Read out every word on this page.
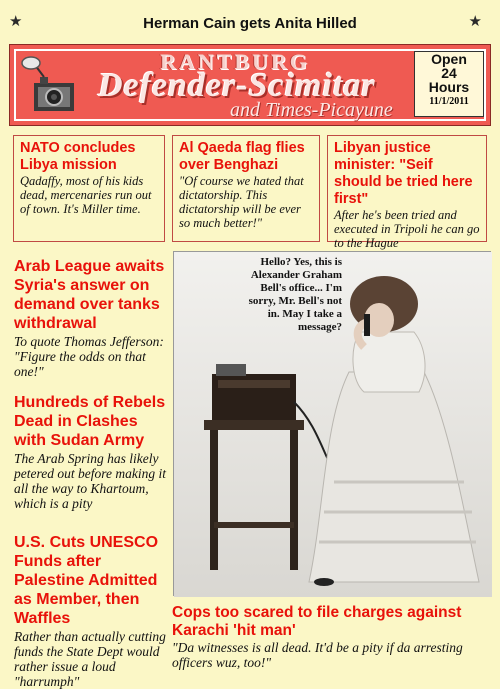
★	Herman Cain gets Anita Hilled	★
RANTBURG
Defender-Scimitar
and Times-Picayune
Open
24
Hours
11/1/2011
NATO concludes Libya mission
Qadaffy, most of his kids dead, mercenaries run out of town. It's Miller time.
Al Qaeda flag flies over Benghazi
"Of course we hated that dictatorship. This dictatorship will be ever so much better!"
Libyan justice minister: "Seif should be tried here first"
After he's been tried and executed in Tripoli he can go to the Hague
Arab League awaits Syria's answer on demand over tanks withdrawal
To quote Thomas Jefferson: "Figure the odds on that one!"
Hundreds of Rebels Dead in Clashes with Sudan Army
The Arab Spring has likely petered out before making it all the way to Khartoum, which is a pity
U.S. Cuts UNESCO Funds after Palestine Admitted as Member, then Waffles
Rather than actually cutting funds the State Dept would rather issue a loud "harrumph"
Hello? Yes, this is Alexander Graham Bell's office... I'm sorry, Mr. Bell's not in. May I take a message?
Cops too scared to file charges against Karachi 'hit man'
"Da witnesses is all dead. It'd be a pity if da arresting officers wuz, too!"
